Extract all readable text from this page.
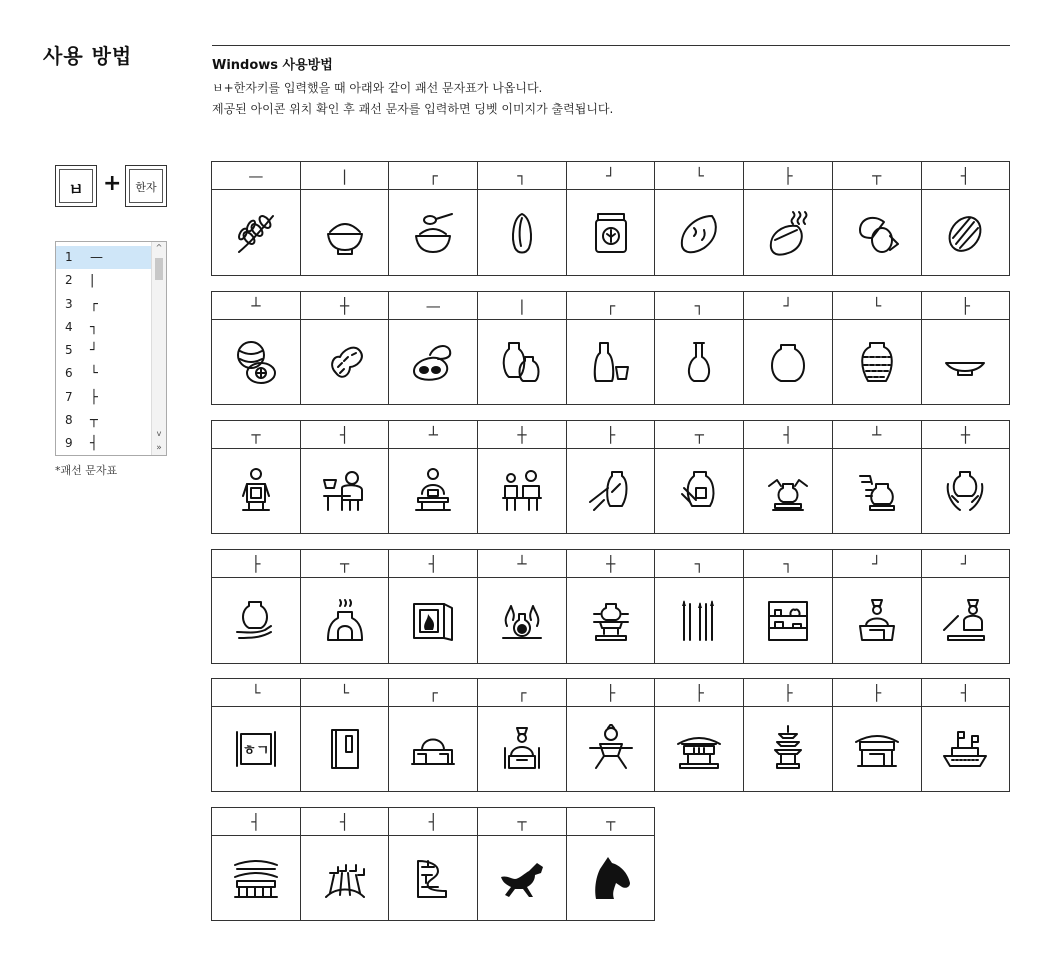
사용 방법	Windows 사용방법
ㅂ+한자키를 입력했을 때 아래와 같이 괘선 문자표가 나옵니다.
제공된 아이콘 위치 확인 후 괘선 문자를 입력하면 딩벳 이미지가 출력됩니다.
ㅂ +	한자
1 —
2 |
3 ┌
4 ┐
5 ┘
6 └
7 ├
8 ┬
9 ┤
^
v
»
*괘선 문자표
—	|	┌	┐	┘	└	├	┬	┤
┴	┼	—	|	┌	┐	┘	└	├
┬	┤	┴	┼	├	┬	┤	┴	┼
├	┬	┤	┴	┼	┐	┐	┘	┘
└	└	┌	┌	├	├	├	├	┤
ㅎㄱ
┤	┤	┤	┬	┬
